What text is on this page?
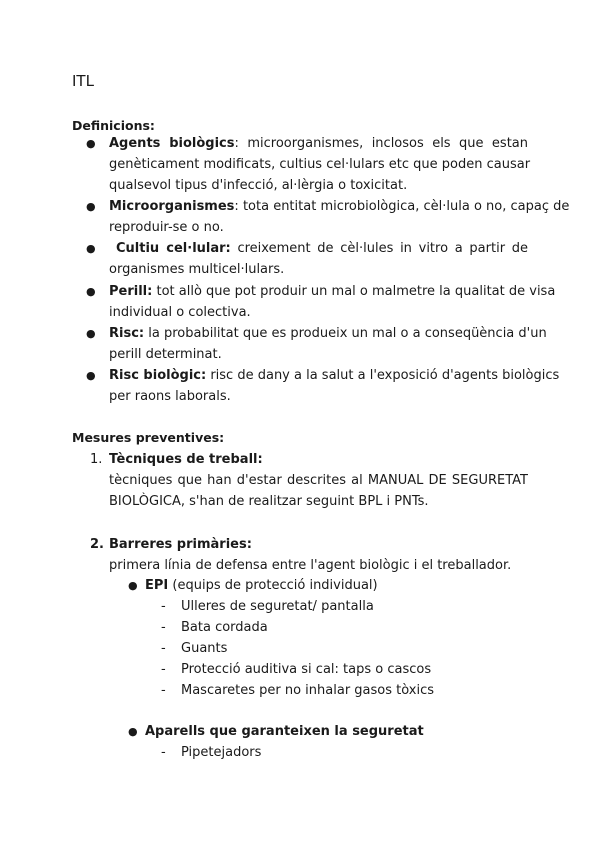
ITL
Definicions:
● Agents biològics: microorganismes, inclosos els que estan
genèticament modificats, cultius cel·lulars etc que poden causar
qualsevol tipus d'infecció, al·lèrgia o toxicitat.
● Microorganismes: tota entitat microbiològica, cèl·lula o no, capaç de
reproduir-se o no.
●	Cultiu cel·lular: creixement de cèl·lules in vitro a partir de
organismes multicel·lulars.
● Perill: tot allò que pot produir un mal o malmetre la qualitat de visa
individual o colectiva.
● Risc: la probabilitat que es produeix un mal o a conseqüència d'un
perill determinat.
● Risc biològic: risc de dany a la salut a l'exposició d'agents biològics
per raons laborals.
Mesures preventives:
1. Tècniques de treball:
tècniques que han d'estar descrites al MANUAL DE SEGURETAT
BIOLÒGICA, s'han de realitzar seguint BPL i PNTs.
2. Barreres primàries:
primera línia de defensa entre l'agent biològic i el treballador.
● EPI (equips de protecció individual)
- Ulleres de seguretat/ pantalla
- Bata cordada
- Guants
- Protecció auditiva si cal: taps o cascos
- Mascaretes per no inhalar gasos tòxics
● Aparells que garanteixen la seguretat
- Pipetejadors
